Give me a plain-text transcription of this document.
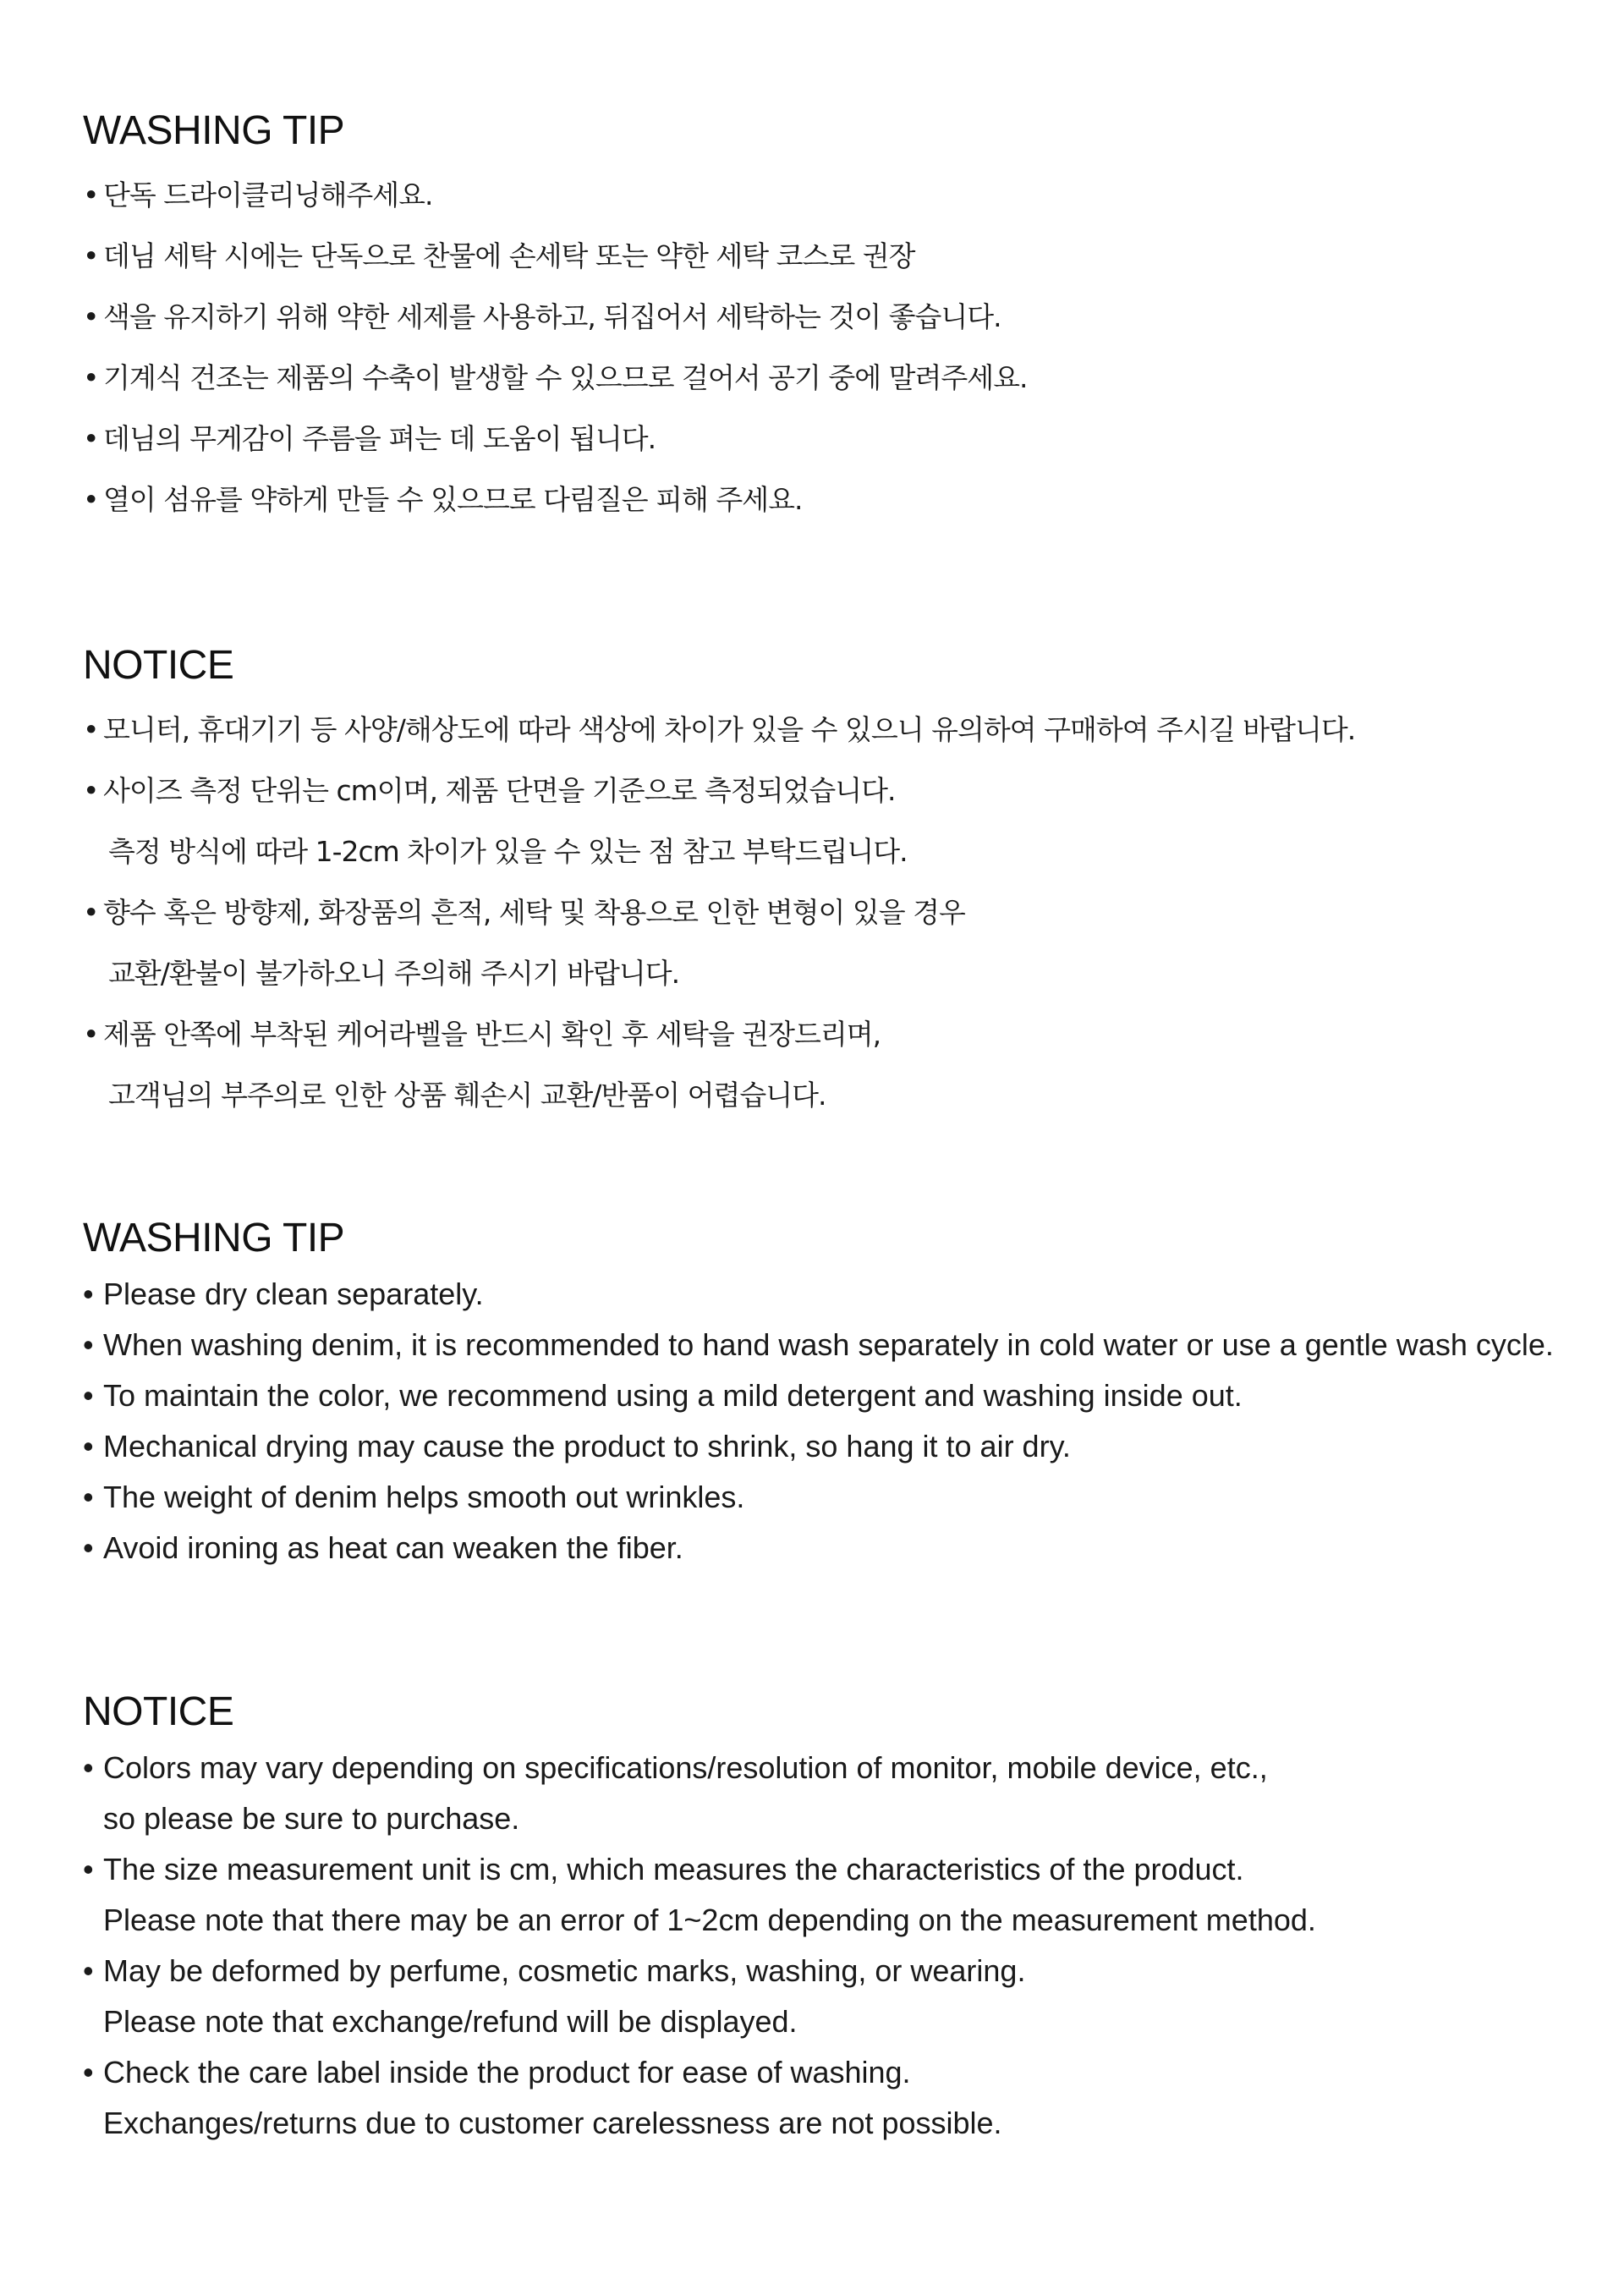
WASHING TIP
• 단독 드라이클리닝해주세요.
• 데님 세탁 시에는 단독으로 찬물에 손세탁 또는 약한 세탁 코스로 권장
• 색을 유지하기 위해 약한 세제를 사용하고, 뒤집어서 세탁하는 것이 좋습니다.
• 기계식 건조는 제품의 수축이 발생할 수 있으므로 걸어서 공기 중에 말려주세요.
• 데님의 무게감이 주름을 펴는 데 도움이 됩니다.
• 열이 섬유를 약하게 만들 수 있으므로 다림질은 피해 주세요.
NOTICE
• 모니터, 휴대기기 등 사양/해상도에 따라 색상에 차이가 있을 수 있으니 유의하여 구매하여 주시길 바랍니다.
• 사이즈 측정 단위는 cm이며, 제품 단면을 기준으로 측정되었습니다.
측정 방식에 따라 1-2cm 차이가 있을 수 있는 점 참고 부탁드립니다.
• 향수 혹은 방향제, 화장품의 흔적, 세탁 및 착용으로 인한 변형이 있을 경우
교환/환불이 불가하오니 주의해 주시기 바랍니다.
• 제품 안쪽에 부착된 케어라벨을 반드시 확인 후 세탁을 권장드리며,
고객님의 부주의로 인한 상품 훼손시 교환/반품이 어렵습니다.
WASHING TIP
• Please dry clean separately.
• When washing denim, it is recommended to hand wash separately in cold water or use a gentle wash cycle.
• To maintain the color, we recommend using a mild detergent and washing inside out.
• Mechanical drying may cause the product to shrink, so hang it to air dry.
• The weight of denim helps smooth out wrinkles.
• Avoid ironing as heat can weaken the fiber.
NOTICE
• Colors may vary depending on specifications/resolution of monitor, mobile device, etc.,
so please be sure to purchase.
• The size measurement unit is cm, which measures the characteristics of the product.
Please note that there may be an error of 1~2cm depending on the measurement method.
• May be deformed by perfume, cosmetic marks, washing, or wearing.
Please note that exchange/refund will be displayed.
• Check the care label inside the product for ease of washing.
Exchanges/returns due to customer carelessness are not possible.
